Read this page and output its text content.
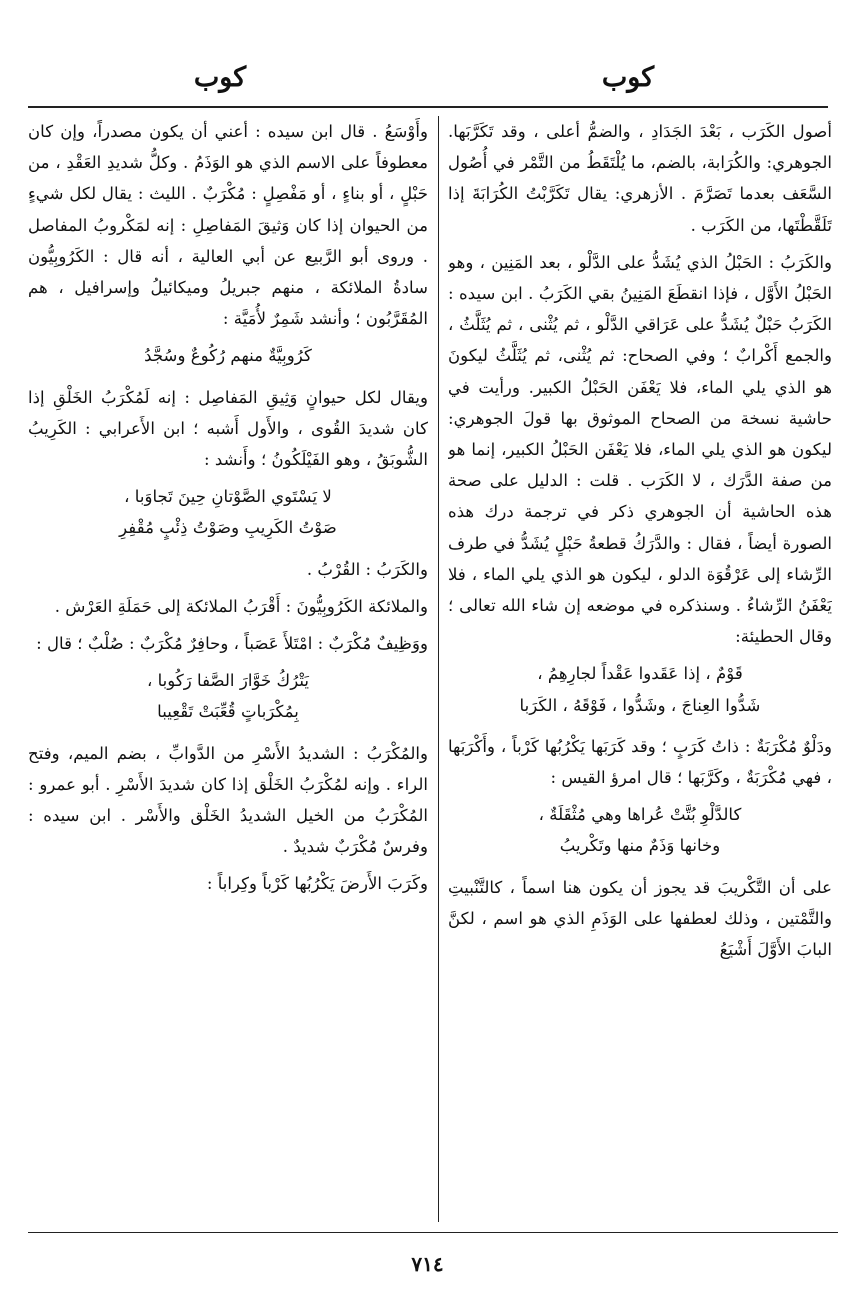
كوب
كوب

أصول الكَرَب ، بَعْدَ الجَدَادِ ، والضمُّ أعلى ، وقد تَكَرَّبَها. الجوهري: والكُرَابة، بالضم، ما يُلْتَقَطُ من التَّمْر في أُصُول السَّعَف بعدما تَصَرَّمَ . الأزهري: يقال تَكَرَّبْتُ الكُرَابَةَ إذا تَلَقَّطْتَها، من الكَرَب .

والكَرَبُ : الحَبْلُ الذي يُشَدُّ على الدَّلْو ، بعد المَنِين ، وهو الحَبْلُ الأَوَّل ، فإذا انقطَعَ المَنِينُ بقي الكَرَبُ . ابن سيده : الكَرَبُ حَبْلٌ يُشَدُّ على عَرَاقي الدَّلْو ، ثم يُثْنى ، ثم يُثَلَّثُ ، والجمع أَكْرابٌ ؛ وفي الصحاح: ثم يُثْنى، ثم يُثَلَّثُ ليكونَ هو الذي يلي الماء، فلا يَعْفَن الحَبْلُ الكبير. ورأيت في حاشية نسخة من الصحاح الموثوق بها قولَ الجوهري: ليكون هو الذي يلي الماء، فلا يَعْفَن الحَبْلُ الكبير، إنما هو من صفة الدَّرَك ، لا الكَرَب . قلت : الدليل على صحة هذه الحاشية أن الجوهري ذكر في ترجمة درك هذه الصورة أيضاً ، فقال : والدَّرَكُ قطعةُ حَبْلٍ يُشَدُّ في طرف الرِّشاء إلى عَرْقُوَة الدلو ، ليكون هو الذي يلي الماء ، فلا يَعْفَنُ الرِّشاءُ . وسنذكره في موضعه إن شاء الله تعالى ؛ وقال الحطيئة:

قَوْمٌ ، إذا عَقَدوا عَقْداً لجارِهِمُ ،
شَدُّوا العِناجَ ، وشَدُّوا ، فَوْقَهُ ، الكَرَبا

ودَلْوٌ مُكْرَبَةٌ : ذاتُ كَرَبٍ ؛ وقد كَرَبَها يَكْرُبُها كَرْباً ، وأَكْرَبَها ، فهي مُكْرَبَةٌ ، وكَرَّبَها ؛ قال امرؤ القيس :

كالدَّلْوِ بُتَّتْ عُراها وهي مُثْقَلَةٌ ،
وخانها وَذَمٌ منها وتَكْريبُ

على أن التَّكْريبَ قد يجوز أن يكون هنا اسماً ، كالتَّنْبيتِ والتَّمْتين ، وذلك لعطفها على الوَذَمِ الذي هو اسم ، لكنَّ البابَ الأَوَّلَ أَشْيَعُ

وأَوْسَعُ . قال ابن سيده : أعني أن يكون مصدراً، وإن كان معطوفاً على الاسم الذي هو الوَذَمُ . وكلُّ شديدِ العَقْدِ ، من حَبْلٍ ، أو بناءٍ ، أو مَفْصِلٍ : مُكْرَبٌ . الليث : يقال لكل شيءٍ من الحيوان إذا كان وَثيقَ المَفاصِلِ : إنه لمَكْروبُ المفاصل . وروى أبو الرَّبيع عن أبي العالية ، أنه قال : الكَرُوبِيُّون سادةُ الملائكة ، منهم جبريلُ وميكائيلُ وإسرافيل ، هم المُقَرَّبُون ؛ وأنشد شَمِرٌ لأُمَيَّة :

كَرُوبِيَّةٌ منهم رُكُوعٌ وسُجَّدُ

ويقال لكل حيوانٍ وَثِيقِ المَفاصِل : إنه لَمُكْرَبُ الخَلْقِ إذا كان شديدَ القُوى ، والأَول أَشبه ؛ ابن الأَعرابي : الكَرِيبُ الشُّوبَقُ ، وهو الفَيْلَكُونُ ؛ وأَنشد :

لا يَسْتَوي الصَّوْتانِ حِينَ تَجاوَبا ،
صَوْتُ الكَرِيبِ وصَوْتُ ذِئْبٍ مُقْفِرِ

والكَرَبُ : القُرْبُ .

والملائكة الكَرُوبِيُّونَ : أَقْرَبُ الملائكة إلى حَمَلَةِ العَرْش .

ووَظِيفٌ مُكْرَبٌ : امْتَلأَ عَصَباً ، وحافِرٌ مُكْرَبٌ : صُلْبٌ ؛ قال :

يَتْرُكُ خَوَّارَ الصَّفا رَكُوبا ،
بِمُكْرَباتٍ قُعِّبَتْ تَقْعِيبا

والمُكْرَبُ : الشديدُ الأَسْرِ من الدَّوابِّ ، بضم الميم، وفتح الراء . وإنه لمُكْرَبُ الخَلْق إذا كان شديدَ الأَسْرِ . أبو عمرو : المُكْرَبُ من الخيل الشديدُ الخَلْق والأَسْر . ابن سيده : وفرسٌ مُكْرَبٌ شديدٌ .

وكَرَبَ الأَرضَ يَكْرُبُها كَرْباً وكِراباً :

٧١٤
